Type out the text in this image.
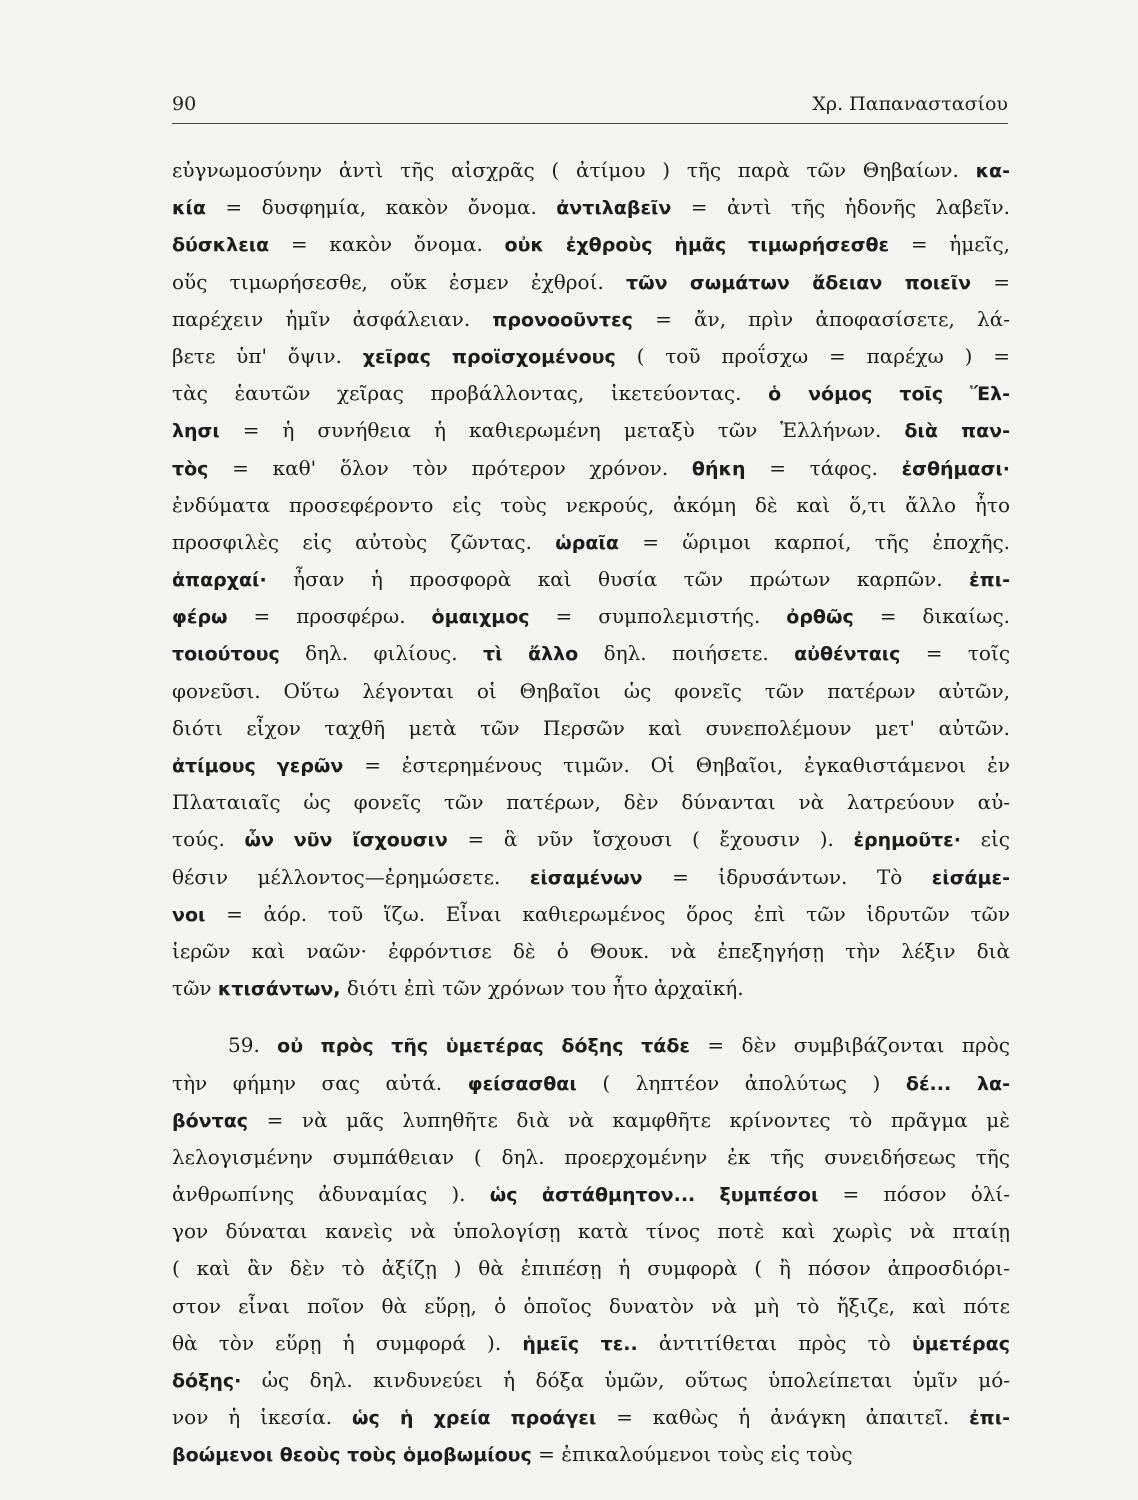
90	Χρ. Παπαναστασίου
εὐγνωμοσύνην ἀντὶ τῆς αἰσχρᾶς ( ἀτίμου ) τῆς παρὰ τῶν Θηβαίων. κα-
κία = δυσφημία, κακὸν ὄνομα. ἀντιλαβεῖν = ἀντὶ τῆς ἡδονῆς λαβεῖν.
δύσκλεια = κακὸν ὄνομα. οὐκ ἐχθροὺς ἡμᾶς τιμωρήσεσθε = ἡμεῖς,
οὕς τιμωρήσεσθε, οὔκ ἐσμεν ἐχθροί. τῶν σωμάτων ἄδειαν ποιεῖν =
παρέχειν ἡμῖν ἀσφάλειαν. προνοοῦντες = ἄν, πρὶν ἀποφασίσετε, λά-
βετε ὑπ' ὄψιν. χεῖρας προϊσχομένους ( τοῦ προΐσχω = παρέχω ) =
τὰς ἑαυτῶν χεῖρας προβάλλοντας, ἱκετεύοντας. ὁ νόμος τοῖς Ἕλ-
λησι = ἡ συνήθεια ἡ καθιερωμένη μεταξὺ τῶν Ἑλλήνων. διὰ παν-
τὸς = καθ' ὅλον τὸν πρότερον χρόνον. θήκη = τάφος. ἐσθήμασι·
ἐνδύματα προσεφέροντο εἰς τοὺς νεκρούς, ἀκόμη δὲ καὶ ὅ,τι ἄλλο ἦτο
προσφιλὲς εἰς αὐτοὺς ζῶντας. ὡραῖα = ὥριμοι καρποί, τῆς ἐποχῆς.
ἀπαρχαί· ἦσαν ἡ προσφορὰ καὶ θυσία τῶν πρώτων καρπῶν. ἐπι-
φέρω = προσφέρω. ὁμαιχμος = συμπολεμιστής. ὀρθῶς = δικαίως.
τοιούτους δηλ. φιλίους. τὶ ἄλλο δηλ. ποιήσετε. αὐθένταις = τοῖς
φονεῦσι. Οὕτω λέγονται οἱ Θηβαῖοι ὡς φονεῖς τῶν πατέρων αὐτῶν,
διότι εἶχον ταχθῆ μετὰ τῶν Περσῶν καὶ συνεπολέμουν μετ' αὐτῶν.
ἀτίμους γερῶν = ἐστερημένους τιμῶν. Οἱ Θηβαῖοι, ἐγκαθιστάμενοι ἐν
Πλαταιαῖς ὡς φονεῖς τῶν πατέρων, δὲν δύνανται νὰ λατρεύουν αὐ-
τούς. ὧν νῦν ἴσχουσιν = ἃ νῦν ἴσχουσι ( ἔχουσιν ). ἐρημοῦτε· εἰς
θέσιν μέλλοντος—ἐρημώσετε. εἱσαμένων = ἱδρυσάντων. Τὸ εἱσάμε-
νοι = ἀόρ. τοῦ ἵζω. Εἶναι καθιερωμένος ὅρος ἐπὶ τῶν ἱδρυτῶν τῶν
ἱερῶν καὶ ναῶν· ἐφρόντισε δὲ ὁ Θουκ. νὰ ἐπεξηγήσῃ τὴν λέξιν διὰ
τῶν κτισάντων, διότι ἐπὶ τῶν χρόνων του ἦτο ἀρχαϊκή.
59. οὐ πρὸς τῆς ὑμετέρας δόξης τάδε = δὲν συμβιβάζονται πρὸς
τὴν φήμην σας αὐτά. φείσασθαι ( ληπτέον ἀπολύτως ) δέ... λα-
βόντας = νὰ μᾶς λυπηθῆτε διὰ νὰ καμφθῆτε κρίνοντες τὸ πρᾶγμα μὲ
λελογισμένην συμπάθειαν ( δηλ. προερχομένην ἐκ τῆς συνειδήσεως τῆς
ἀνθρωπίνης ἀδυναμίας ). ὡς ἀστάθμητον... ξυμπέσοι = πόσον ὀλί-
γον δύναται κανεὶς νὰ ὑπολογίσῃ κατὰ τίνος ποτὲ καὶ χωρὶς νὰ πταίῃ
( καὶ ἂν δὲν τὸ ἀξίζῃ ) θὰ ἐπιπέσῃ ἡ συμφορὰ ( ἢ πόσον ἀπροσδιόρι-
στον εἶναι ποῖον θὰ εὕρῃ, ὁ ὁποῖος δυνατὸν νὰ μὴ τὸ ἤξιζε, καὶ πότε
θὰ τὸν εὕρῃ ἡ συμφορά ). ἡμεῖς τε.. ἀντιτίθεται πρὸς τὸ ὑμετέρας
δόξης· ὡς δηλ. κινδυνεύει ἡ δόξα ὑμῶν, οὕτως ὑπολείπεται ὑμῖν μό-
νον ἡ ἱκεσία. ὡς ἡ χρεία προάγει = καθὼς ἡ ἀνάγκη ἀπαιτεῖ. ἐπι-
βοώμενοι θεοὺς τοὺς ὁμοβωμίους = ἐπικαλούμενοι τοὺς εἰς τοὺς
